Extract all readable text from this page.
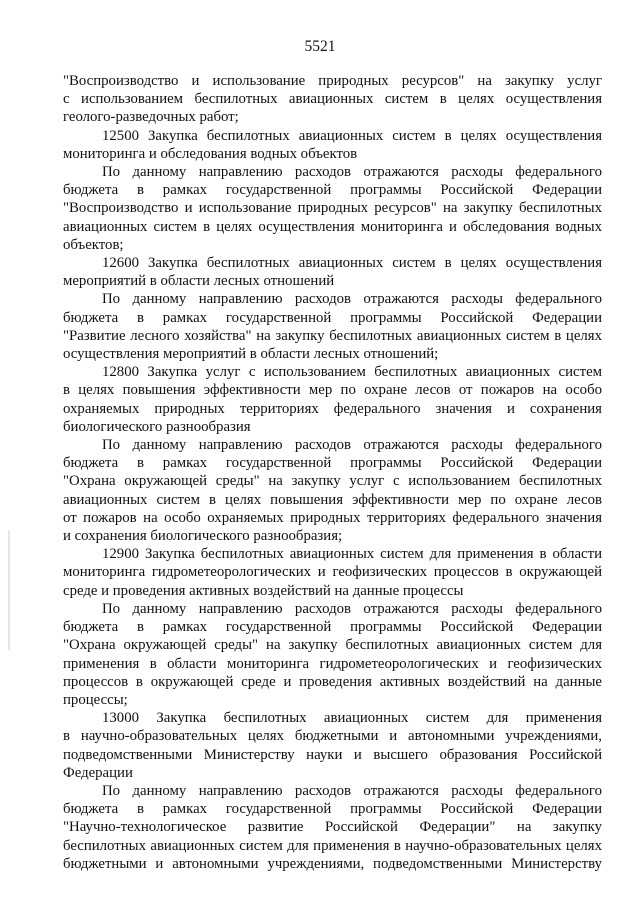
5521

"Воспроизводство и использование природных ресурсов" на закупку услуг
с использованием беспилотных авиационных систем в целях осуществления
геолого-разведочных работ;

12500 Закупка беспилотных авиационных систем в целях осуществления
мониторинга и обследования водных объектов

По данному направлению расходов отражаются расходы федерального
бюджета в рамках государственной программы Российской Федерации
"Воспроизводство и использование природных ресурсов" на закупку беспилотных
авиационных систем в целях осуществления мониторинга и обследования водных
объектов;

12600 Закупка беспилотных авиационных систем в целях осуществления
мероприятий в области лесных отношений

По данному направлению расходов отражаются расходы федерального
бюджета в рамках государственной программы Российской Федерации
"Развитие лесного хозяйства" на закупку беспилотных авиационных систем в целях
осуществления мероприятий в области лесных отношений;

12800 Закупка услуг с использованием беспилотных авиационных систем
в целях повышения эффективности мер по охране лесов от пожаров на особо
охраняемых природных территориях федерального значения и сохранения
биологического разнообразия

По данному направлению расходов отражаются расходы федерального
бюджета в рамках государственной программы Российской Федерации
"Охрана окружающей среды" на закупку услуг с использованием беспилотных
авиационных систем в целях повышения эффективности мер по охране лесов
от пожаров на особо охраняемых природных территориях федерального значения
и сохранения биологического разнообразия;

12900 Закупка беспилотных авиационных систем для применения в области
мониторинга гидрометеорологических и геофизических процессов в окружающей
среде и проведения активных воздействий на данные процессы

По данному направлению расходов отражаются расходы федерального
бюджета в рамках государственной программы Российской Федерации
"Охрана окружающей среды" на закупку беспилотных авиационных систем для
применения в области мониторинга гидрометеорологических и геофизических
процессов в окружающей среде и проведения активных воздействий на данные
процессы;

13000 Закупка беспилотных авиационных систем для применения
в научно-образовательных целях бюджетными и автономными учреждениями,
подведомственными Министерству науки и высшего образования Российской
Федерации

По данному направлению расходов отражаются расходы федерального
бюджета в рамках государственной программы Российской Федерации
"Научно-технологическое развитие Российской Федерации" на закупку
беспилотных авиационных систем для применения в научно-образовательных целях
бюджетными и автономными учреждениями, подведомственными Министерству
